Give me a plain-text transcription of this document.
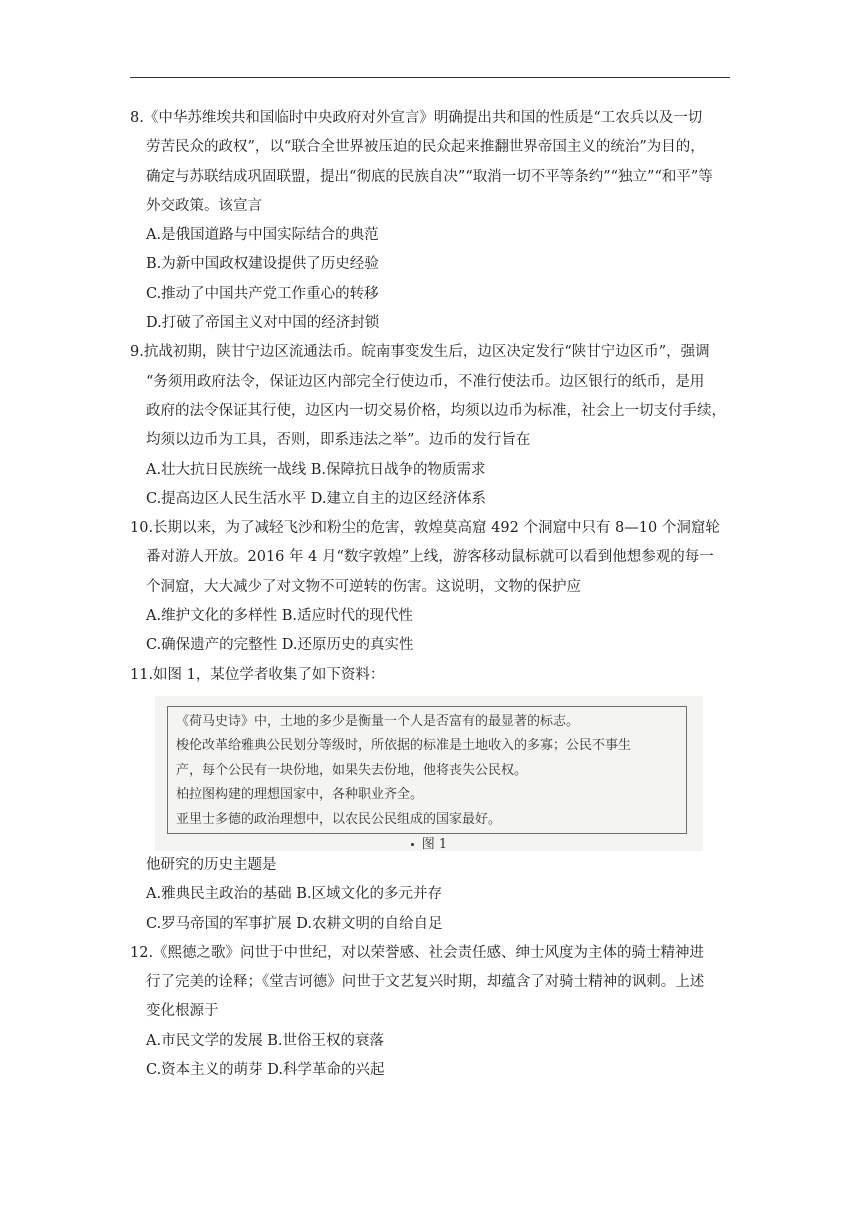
8.《中华苏维埃共和国临时中央政府对外宣言》明确提出共和国的性质是“工农兵以及一切
劳苦民众的政权”，以“联合全世界被压迫的民众起来推翻世界帝国主义的统治”为目的，
确定与苏联结成巩固联盟，提出“彻底的民族自决”“取消一切不平等条约”“独立”“和平”等
外交政策。该宣言
A.是俄国道路与中国实际结合的典范
B.为新中国政权建设提供了历史经验
C.推动了中国共产党工作重心的转移
D.打破了帝国主义对中国的经济封锁
9.抗战初期，陕甘宁边区流通法币。皖南事变发生后，边区决定发行“陕甘宁边区币”，强调
“务须用政府法令，保证边区内部完全行使边币，不准行使法币。边区银行的纸币，是用
政府的法令保证其行使，边区内一切交易价格，均须以边币为标准，社会上一切支付手续，
均须以边币为工具，否则，即系违法之举”。边币的发行旨在
A.壮大抗日民族统一战线 B.保障抗日战争的物质需求
C.提高边区人民生活水平 D.建立自主的边区经济体系
10.长期以来，为了减轻飞沙和粉尘的危害，敦煌莫高窟 492 个洞窟中只有 8—10 个洞窟轮
番对游人开放。2016 年 4 月“数字敦煌”上线，游客移动鼠标就可以看到他想参观的每一
个洞窟，大大减少了对文物不可逆转的伤害。这说明，文物的保护应
A.维护文化的多样性 B.适应时代的现代性
C.确保遗产的完整性 D.还原历史的真实性
11.如图 1，某位学者收集了如下资料：
《荷马史诗》中，土地的多少是衡量一个人是否富有的最显著的标志。
梭伦改革给雅典公民划分等级时，所依据的标准是土地收入的多寡；公民不事生
产，每个公民有一块份地，如果失去份地，他将丧失公民权。
柏拉图构建的理想国家中，各种职业齐全。
亚里士多德的政治理想中，以农民公民组成的国家最好。
图 1
他研究的历史主题是
A.雅典民主政治的基础 B.区域文化的多元并存
C.罗马帝国的军事扩展 D.农耕文明的自给自足
12.《熙德之歌》问世于中世纪，对以荣誉感、社会责任感、绅士风度为主体的骑士精神进
行了完美的诠释；《堂吉诃德》问世于文艺复兴时期，却蕴含了对骑士精神的讽刺。上述
变化根源于
A.市民文学的发展 B.世俗王权的衰落
C.资本主义的萌芽 D.科学革命的兴起
